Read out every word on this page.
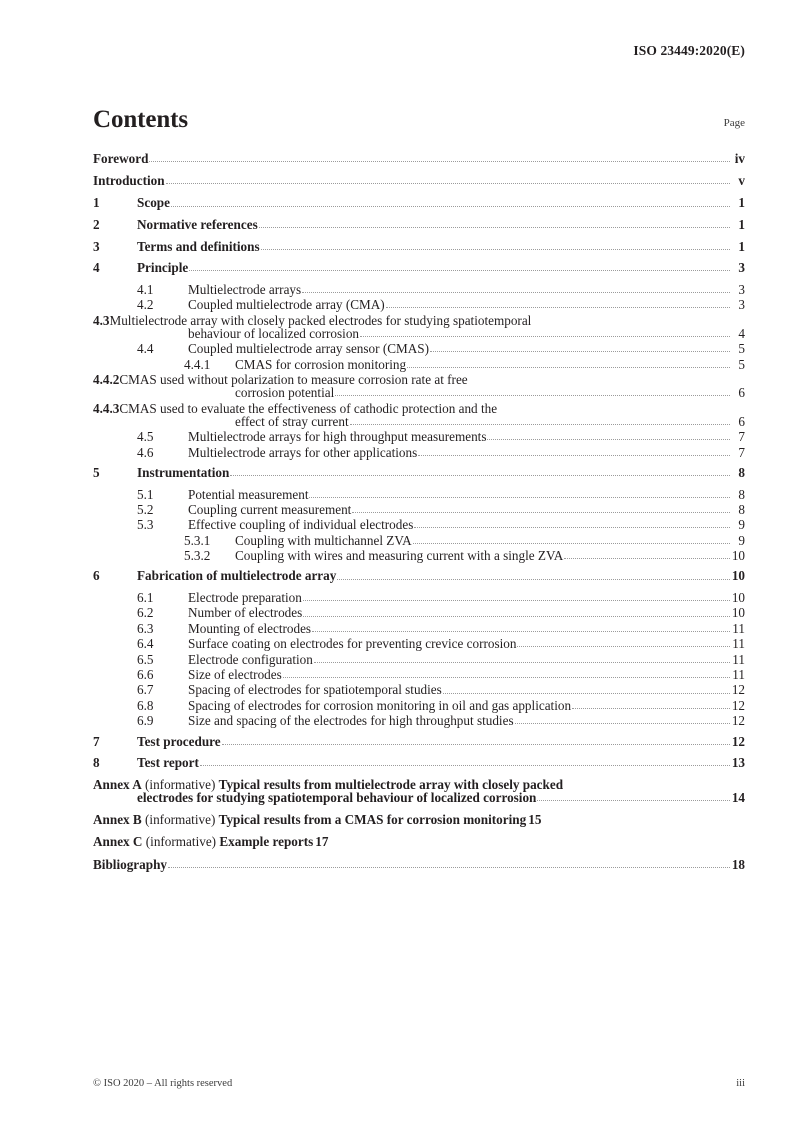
ISO 23449:2020(E)
Contents	Page
Foreword	iv
Introduction	v
1	Scope	1
2	Normative references	1
3	Terms and definitions	1
4	Principle	3
4.1	Multielectrode arrays	3
4.2	Coupled multielectrode array (CMA)	3
4.3 Multielectrode array with closely packed electrodes for studying spatiotemporal
behaviour of localized corrosion	4
4.4	Coupled multielectrode array sensor (CMAS)	5
4.4.1	CMAS for corrosion monitoring	5
4.4.2 CMAS used without polarization to measure corrosion rate at free
corrosion potential	6
4.4.3 CMAS used to evaluate the effectiveness of cathodic protection and the
effect of stray current	6
4.5	Multielectrode arrays for high throughput measurements	7
4.6	Multielectrode arrays for other applications	7
5	Instrumentation	8
5.1	Potential measurement	8
5.2	Coupling current measurement	8
5.3	Effective coupling of individual electrodes	9
5.3.1	Coupling with multichannel ZVA	9
5.3.2	Coupling with wires and measuring current with a single ZVA	10
6	Fabrication of multielectrode array	10
6.1	Electrode preparation	10
6.2	Number of electrodes	10
6.3	Mounting of electrodes	11
6.4	Surface coating on electrodes for preventing crevice corrosion	11
6.5	Electrode configuration	11
6.6	Size of electrodes	11
6.7	Spacing of electrodes for spatiotemporal studies	12
6.8	Spacing of electrodes for corrosion monitoring in oil and gas application	12
6.9	Size and spacing of the electrodes for high throughput studies	12
7	Test procedure	12
8	Test report	13
Annex A (informative) Typical results from multielectrode array with closely packed
electrodes for studying spatiotemporal behaviour of localized corrosion	14
Annex B (informative) Typical results from a CMAS for corrosion monitoring 15
Annex C (informative) Example reports 17
Bibliography	18
© ISO 2020 – All rights reserved	iii
